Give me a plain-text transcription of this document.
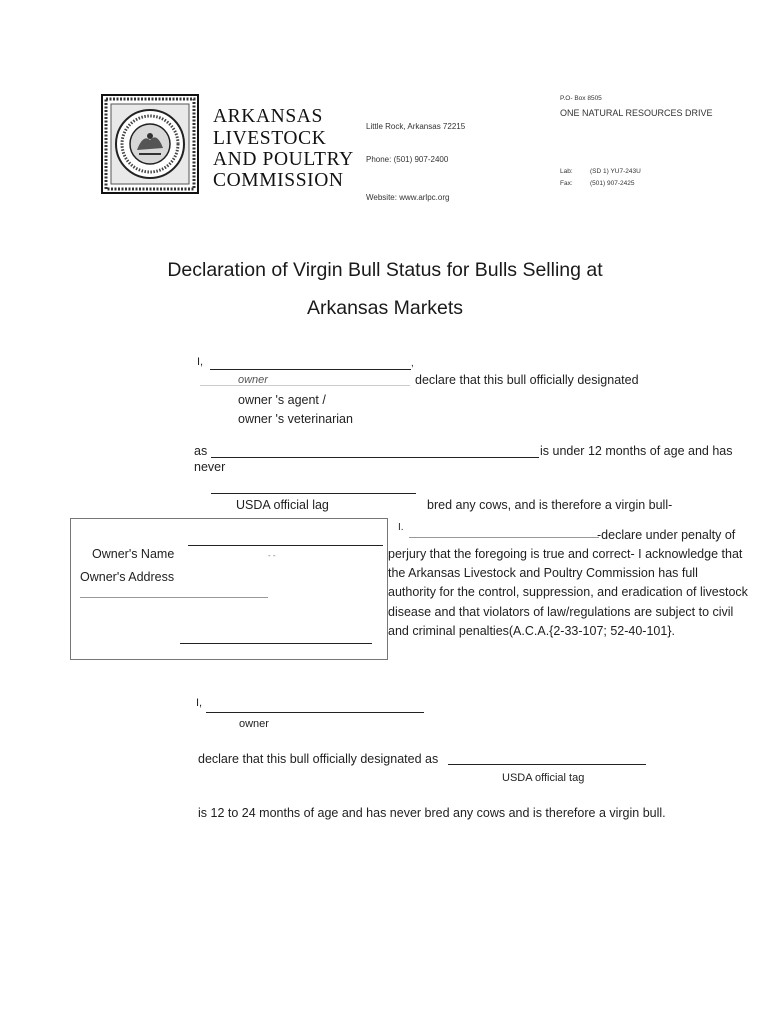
ARKANSAS
LIVESTOCK
AND POULTRY
COMMISSION
Little Rock, Arkansas 72215
Phone: (501) 907-2400
Website: www.arlpc.org
P.O- Box 8505
ONE NATURAL RESOURCES DRIVE
Lab:	(SD 1) YU7-243U
Fax:	(501) 907-2425
Declaration of Virgin Bull Status for Bulls Selling at
Arkansas Markets
I,	,
owner	declare that this bull officially designated
owner 's agent /
owner 's veterinarian
as	is under 12 months of age and has
never
USDA official lag	bred any cows, and is therefore a virgin bull-
Owner's Name	- -
Owner's Address
I.
-declare under penalty of
perjury that the foregoing is true and correct- I acknowledge that the Arkansas Livestock and Poultry Commission has full authority for the control, suppression, and eradication of livestock disease and that violators of law/regulations are subject to civil and criminal penalties(A.C.A.{2-33-107; 52-40-101}.
I,
owner
declare that this bull officially designated as
USDA official tag
is 12 to 24 months of age and has never bred any cows and is therefore a virgin bull.
